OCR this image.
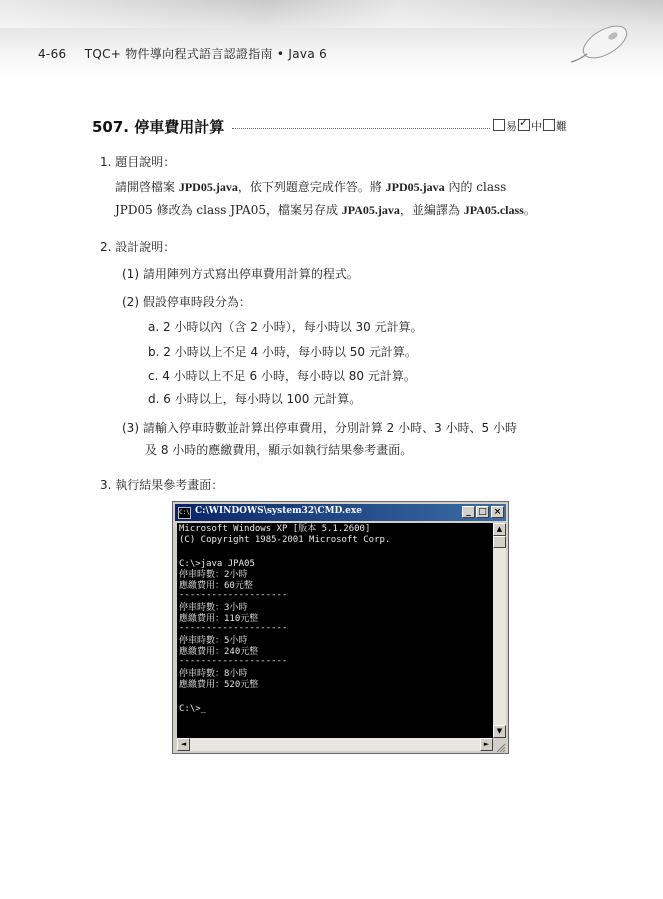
4-66 TQC+ 物件導向程式語言認證指南 • Java 6
507. 停車費用計算	易✓ 中 難
1. 題目說明：
請開啓檔案 JPD05.java，依下列題意完成作答。將 JPD05.java 內的 class
JPD05 修改為 class JPA05，檔案另存成 JPA05.java，並編譯為 JPA05.class。
2. 設計說明：
(1) 請用陣列方式寫出停車費用計算的程式。
(2) 假設停車時段分為：
a. 2 小時以內（含 2 小時），每小時以 30 元計算。
b. 2 小時以上不足 4 小時，每小時以 50 元計算。
c. 4 小時以上不足 6 小時，每小時以 80 元計算。
d. 6 小時以上，每小時以 100 元計算。
(3) 請輸入停車時數並計算出停車費用，分別計算 2 小時、3 小時、5 小時
及 8 小時的應繳費用，顯示如執行結果參考畫面。
3. 執行結果參考畫面：
C:\ C:\WINDOWS\system32\CMD.exe	_ □ ×
Microsoft Windows XP [版本 5.1.2600]
(C) Copyright 1985-2001 Microsoft Corp.
C:\>java JPA05
停車時數：2小時
應繳費用：60元整
--------------------
停車時數：3小時
應繳費用：110元整
--------------------
停車時數：5小時
應繳費用：240元整
--------------------
停車時數：8小時
應繳費用：520元整
C:\>_
▲
▼
◄	►
